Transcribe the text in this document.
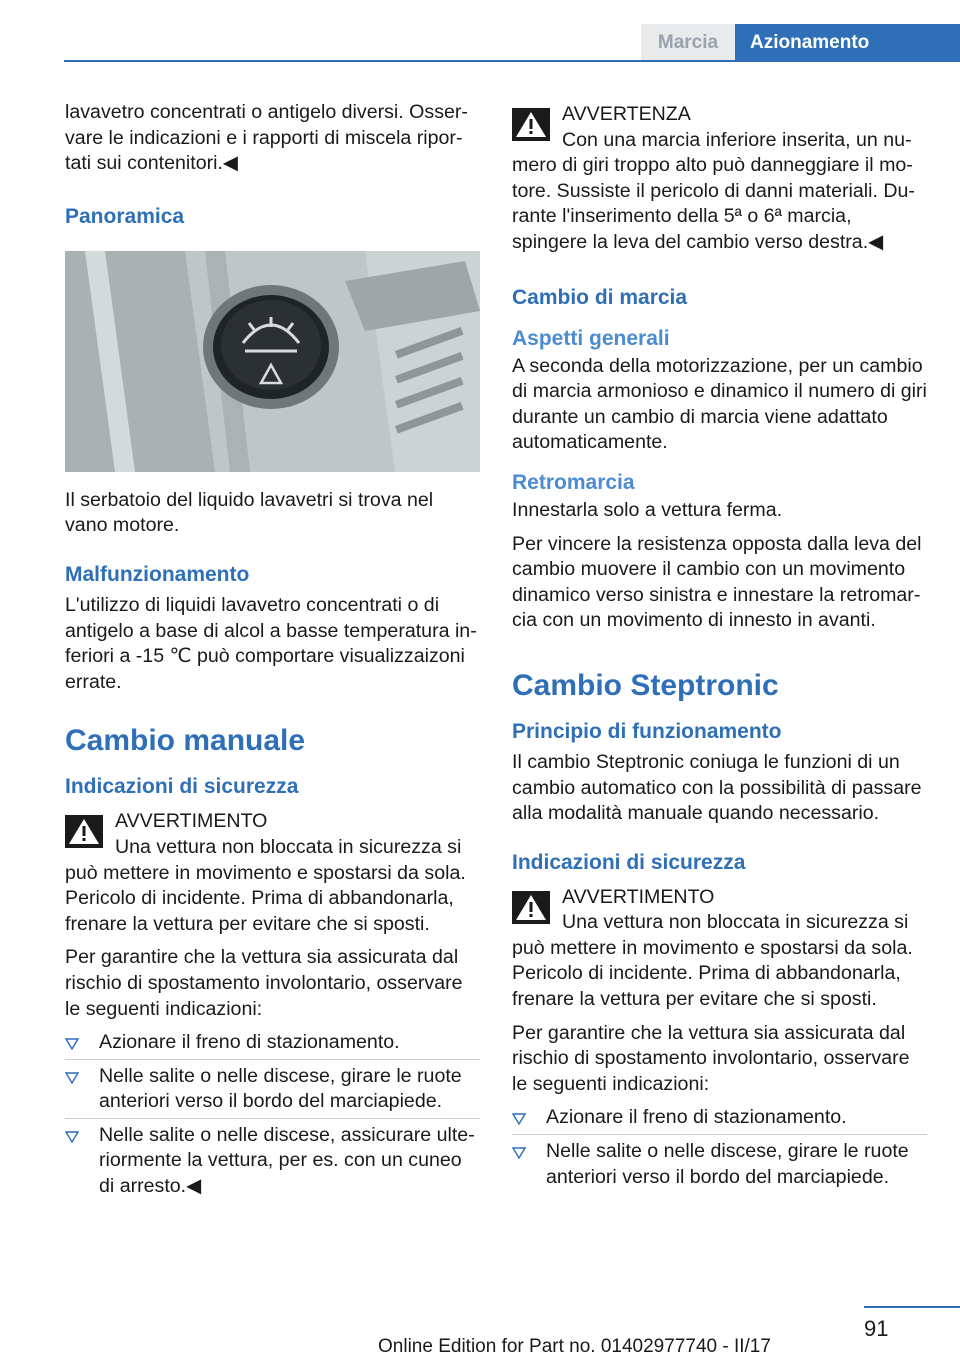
Marcia	Azionamento

lavavetro concentrati o antigelo diversi. Osservare le indicazioni e i rapporti di miscela riportati sui contenitori.◀

Panoramica

Il serbatoio del liquido lavavetri si trova nel vano motore.

Malfunzionamento

L'utilizzo di liquidi lavavetro concentrati o di antigelo a base di alcol a basse temperatura inferiori a -15 ℃ può comportare visualizzaizoni errate.

Cambio manuale
Indicazioni di sicurezza
AVVERTIMENTO
Una vettura non bloccata in sicurezza si può mettere in movimento e spostarsi da sola. Pericolo di incidente. Prima di abbandonarla, frenare la vettura per evitare che si sposti.

Per garantire che la vettura sia assicurata dal rischio di spostamento involontario, osservare le seguenti indicazioni:

Azionare il freno di stazionamento.
Nelle salite o nelle discese, girare le ruote anteriori verso il bordo del marciapiede.
Nelle salite o nelle discese, assicurare ulteriormente la vettura, per es. con un cuneo di arresto.◀
AVVERTENZA
Con una marcia inferiore inserita, un numero di giri troppo alto può danneggiare il motore. Sussiste il pericolo di danni materiali. Durante l'inserimento della 5ª o 6ª marcia, spingere la leva del cambio verso destra.◀
Cambio di marcia
Aspetti generali

A seconda della motorizzazione, per un cambio di marcia armonioso e dinamico il numero di giri durante un cambio di marcia viene adattato automaticamente.

Retromarcia

Innestarla solo a vettura ferma.

Per vincere la resistenza opposta dalla leva del cambio muovere il cambio con un movimento dinamico verso sinistra e innestare la retromarcia con un movimento di innesto in avanti.

Cambio Steptronic
Principio di funzionamento

Il cambio Steptronic coniuga le funzioni di un cambio automatico con la possibilità di passare alla modalità manuale quando necessario.

Indicazioni di sicurezza
AVVERTIMENTO
Una vettura non bloccata in sicurezza si può mettere in movimento e spostarsi da sola. Pericolo di incidente. Prima di abbandonarla, frenare la vettura per evitare che si sposti.

Per garantire che la vettura sia assicurata dal rischio di spostamento involontario, osservare le seguenti indicazioni:

Azionare il freno di stazionamento.
Nelle salite o nelle discese, girare le ruote anteriori verso il bordo del marciapiede.
91
Online Edition for Part no. 01402977740 - II/17
